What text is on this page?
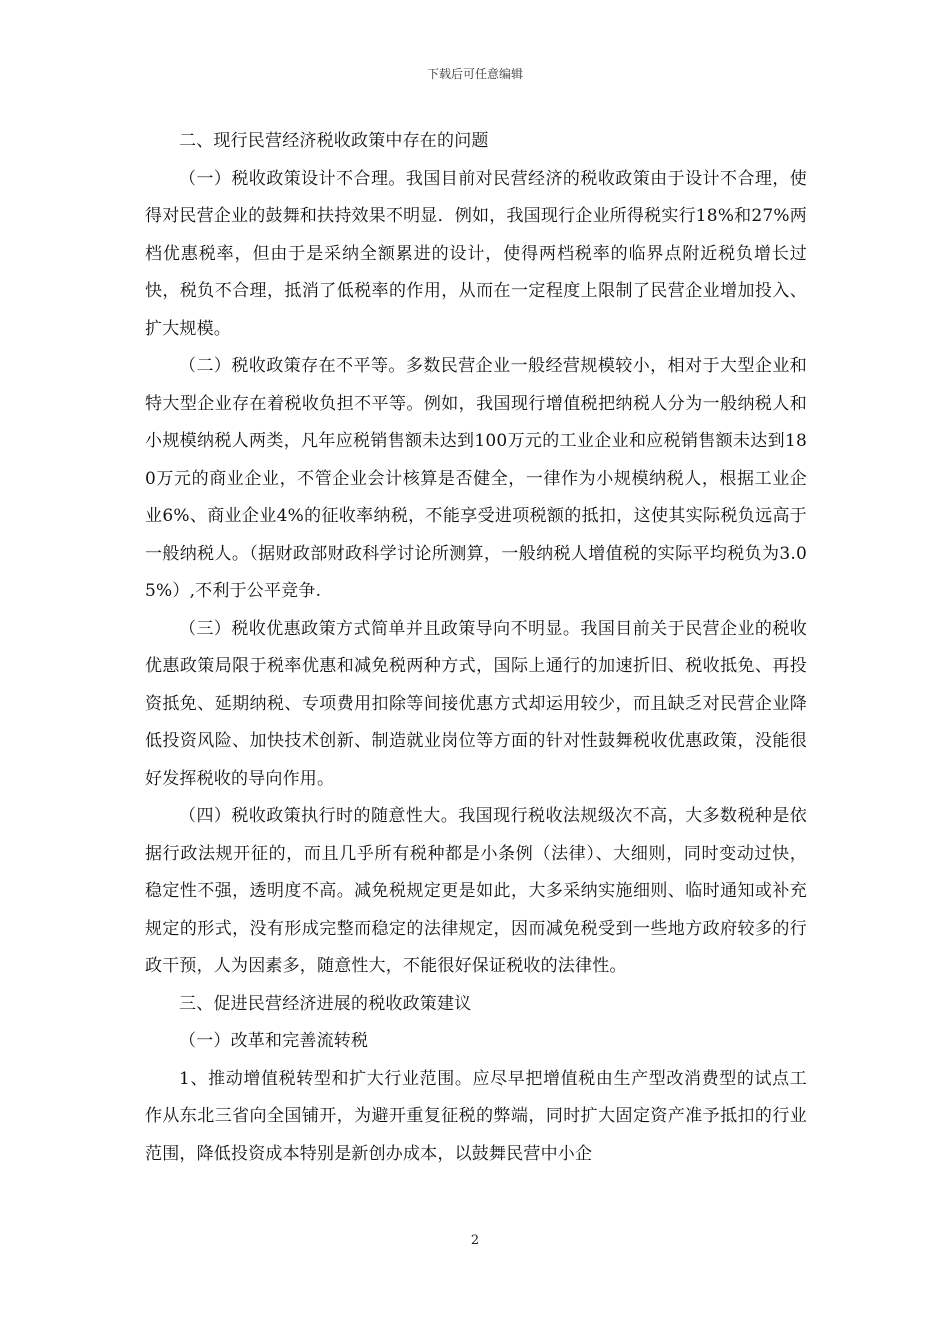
下载后可任意编辑

二、现行民营经济税收政策中存在的问题

（一）税收政策设计不合理。我国目前对民营经济的税收政策由于设计不合理，使得对民营企业的鼓舞和扶持效果不明显．例如，我国现行企业所得税实行18%和27%两档优惠税率，但由于是采纳全额累进的设计，使得两档税率的临界点附近税负增长过快，税负不合理，抵消了低税率的作用，从而在一定程度上限制了民营企业增加投入、扩大规模。

（二）税收政策存在不平等。多数民营企业一般经营规模较小，相对于大型企业和特大型企业存在着税收负担不平等。例如，我国现行增值税把纳税人分为一般纳税人和小规模纳税人两类，凡年应税销售额未达到100万元的工业企业和应税销售额未达到180万元的商业企业，不管企业会计核算是否健全，一律作为小规模纳税人，根据工业企业6%、商业企业4%的征收率纳税，不能享受进项税额的抵扣，这使其实际税负远高于一般纳税人。（据财政部财政科学讨论所测算，一般纳税人增值税的实际平均税负为3.05%）,不利于公平竞争.

（三）税收优惠政策方式简单并且政策导向不明显。我国目前关于民营企业的税收优惠政策局限于税率优惠和减免税两种方式，国际上通行的加速折旧、税收抵免、再投资抵免、延期纳税、专项费用扣除等间接优惠方式却运用较少，而且缺乏对民营企业降低投资风险、加快技术创新、制造就业岗位等方面的针对性鼓舞税收优惠政策，没能很好发挥税收的导向作用。

（四）税收政策执行时的随意性大。我国现行税收法规级次不高，大多数税种是依据行政法规开征的，而且几乎所有税种都是小条例（法律）、大细则，同时变动过快，稳定性不强，透明度不高。减免税规定更是如此，大多采纳实施细则、临时通知或补充规定的形式，没有形成完整而稳定的法律规定，因而减免税受到一些地方政府较多的行政干预，人为因素多，随意性大，不能很好保证税收的法律性。

三、促进民营经济进展的税收政策建议

（一）改革和完善流转税

1、推动增值税转型和扩大行业范围。应尽早把增值税由生产型改消费型的试点工作从东北三省向全国铺开，为避开重复征税的弊端，同时扩大固定资产准予抵扣的行业范围，降低投资成本特别是新创办成本，以鼓舞民营中小企

2
